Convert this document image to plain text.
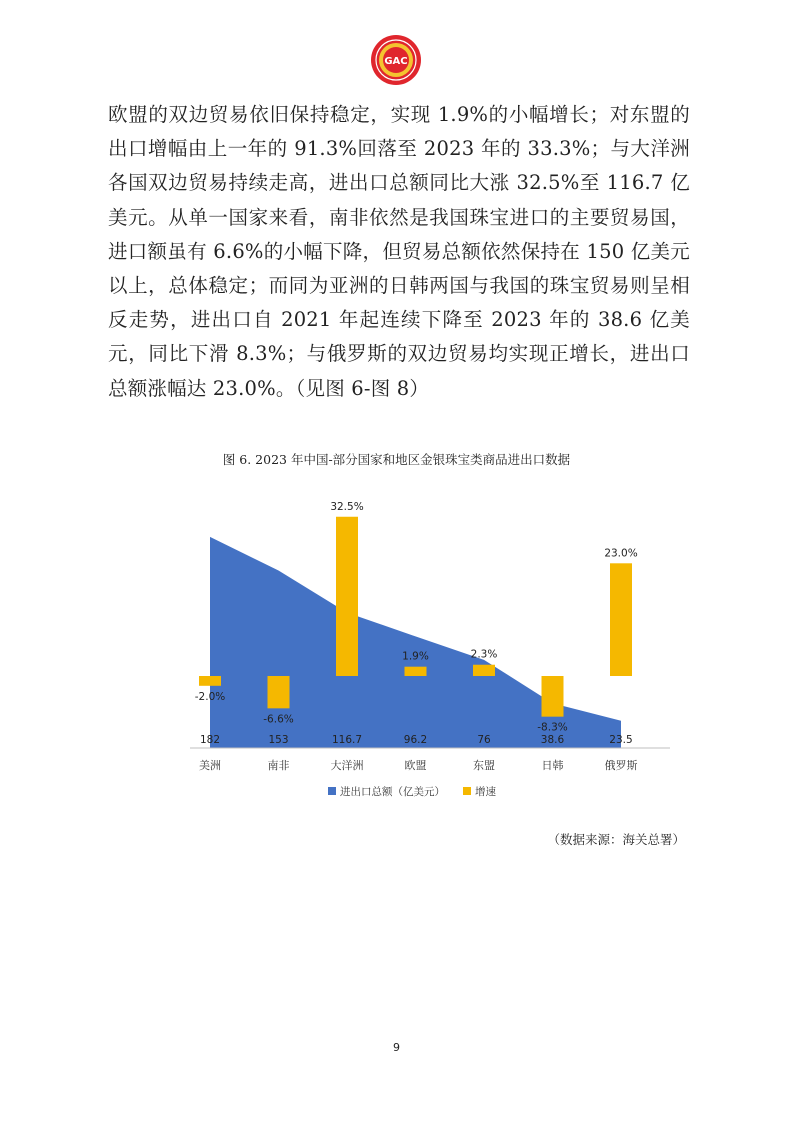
GAC

欧盟的双边贸易依旧保持稳定，实现 1.9%的小幅增长；对东盟的出口增幅由上一年的 91.3%回落至 2023 年的 33.3%；与大洋洲各国双边贸易持续走高，进出口总额同比大涨 32.5%至 116.7 亿美元。从单一国家来看，南非依然是我国珠宝进口的主要贸易国，进口额虽有 6.6%的小幅下降，但贸易总额依然保持在 150 亿美元以上，总体稳定；而同为亚洲的日韩两国与我国的珠宝贸易则呈相反走势，进出口自 2021 年起连续下降至 2023 年的 38.6 亿美元，同比下滑 8.3%；与俄罗斯的双边贸易均实现正增长，进出口总额涨幅达 23.0%。（见图 6-图 8）

图 6. 2023 年中国-部分国家和地区金银珠宝类商品进出口数据
-2.0%
-6.6%
32.5%
1.9%	2.3%
-8.3%
23.0%
182	153	116.7	96.2	76	38.6	23.5
美洲	南非	大洋洲	欧盟	东盟	日韩	俄罗斯
进出口总额（亿美元）	增速
（数据来源：海关总署）
9
